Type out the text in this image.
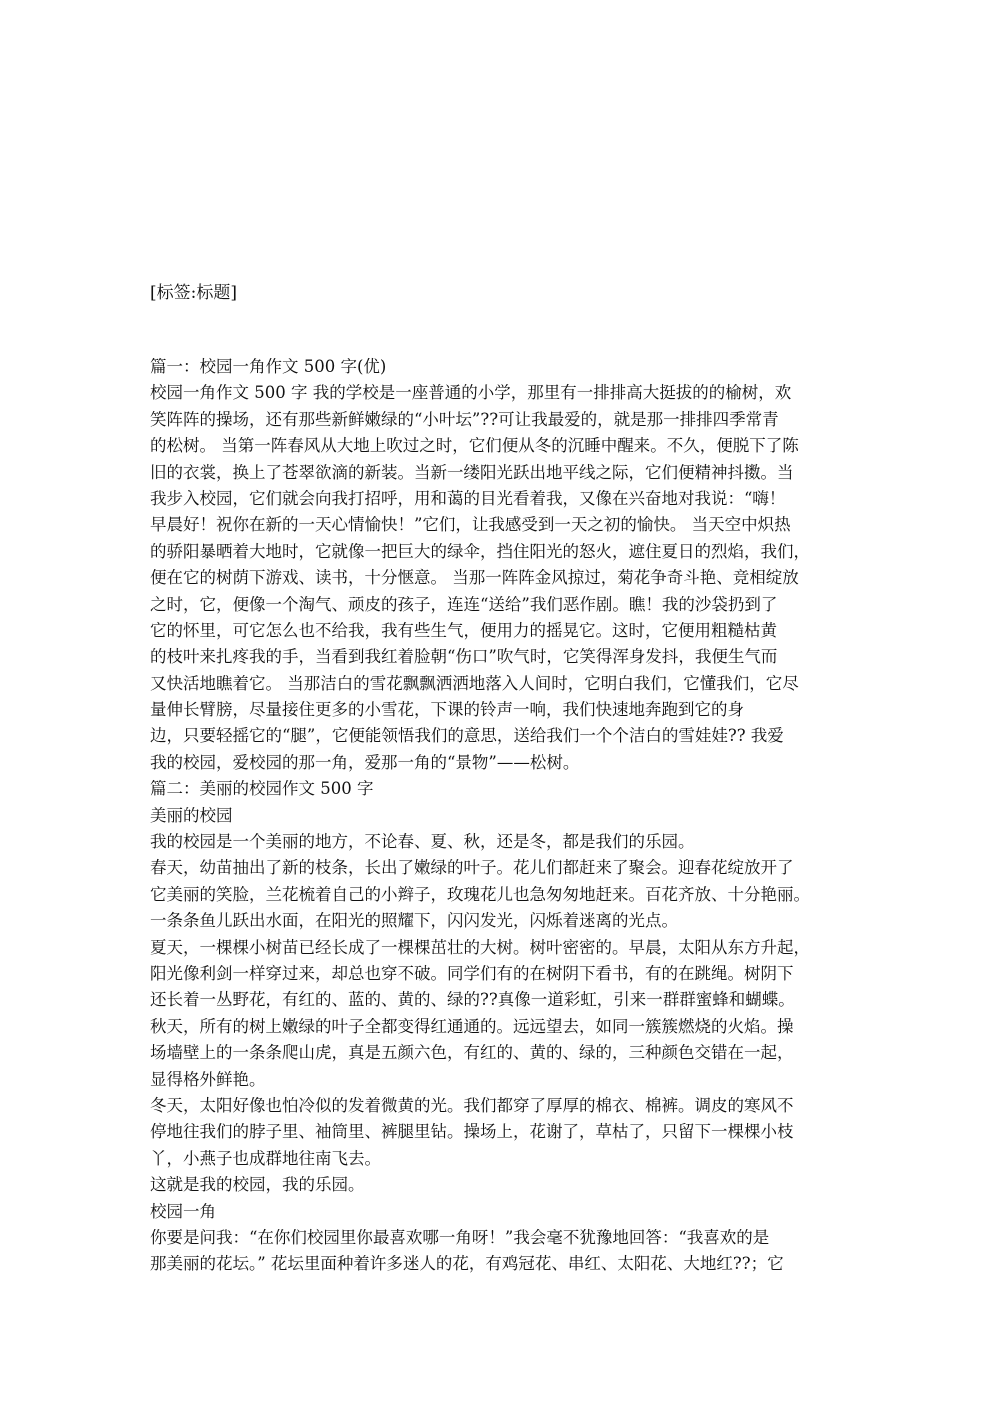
[标签:标题]
篇一：校园一角作文 500 字(优)
校园一角作文 500 字 我的学校是一座普通的小学，那里有一排排高大挺拔的的榆树，欢
笑阵阵的操场，还有那些新鲜嫩绿的“小叶坛”??可让我最爱的，就是那一排排四季常青
的松树。 当第一阵春风从大地上吹过之时，它们便从冬的沉睡中醒来。不久，便脱下了陈
旧的衣裳，换上了苍翠欲滴的新装。当新一缕阳光跃出地平线之际，它们便精神抖擞。当
我步入校园，它们就会向我打招呼，用和蔼的目光看着我，又像在兴奋地对我说：“嗨！
早晨好！祝你在新的一天心情愉快！”它们，让我感受到一天之初的愉快。 当天空中炽热
的骄阳暴晒着大地时，它就像一把巨大的绿伞，挡住阳光的怒火，遮住夏日的烈焰，我们，
便在它的树荫下游戏、读书，十分惬意。 当那一阵阵金风掠过，菊花争奇斗艳、竞相绽放
之时，它，便像一个淘气、顽皮的孩子，连连“送给”我们恶作剧。瞧！我的沙袋扔到了
它的怀里，可它怎么也不给我，我有些生气，便用力的摇晃它。这时，它便用粗糙枯黄
的枝叶来扎疼我的手，当看到我红着脸朝“伤口”吹气时，它笑得浑身发抖，我便生气而
又快活地瞧着它。 当那洁白的雪花飘飘洒洒地落入人间时，它明白我们，它懂我们，它尽
量伸长臂膀，尽量接住更多的小雪花，下课的铃声一响，我们快速地奔跑到它的身
边，只要轻摇它的“腿”，它便能领悟我们的意思，送给我们一个个洁白的雪娃娃?? 我爱
我的校园，爱校园的那一角，爱那一角的“景物”——松树。
篇二：美丽的校园作文 500 字
美丽的校园
我的校园是一个美丽的地方，不论春、夏、秋，还是冬，都是我们的乐园。
春天，幼苗抽出了新的枝条，长出了嫩绿的叶子。花儿们都赶来了聚会。迎春花绽放开了
它美丽的笑脸，兰花梳着自己的小辫子，玫瑰花儿也急匆匆地赶来。百花齐放、十分艳丽。
一条条鱼儿跃出水面，在阳光的照耀下，闪闪发光，闪烁着迷离的光点。
夏天，一棵棵小树苗已经长成了一棵棵茁壮的大树。树叶密密的。早晨，太阳从东方升起，
阳光像利剑一样穿过来，却总也穿不破。同学们有的在树阴下看书，有的在跳绳。树阴下
还长着一丛野花，有红的、蓝的、黄的、绿的??真像一道彩虹，引来一群群蜜蜂和蝴蝶。
秋天，所有的树上嫩绿的叶子全都变得红通通的。远远望去，如同一簇簇燃烧的火焰。操
场墙壁上的一条条爬山虎，真是五颜六色，有红的、黄的、绿的，三种颜色交错在一起，
显得格外鲜艳。
冬天，太阳好像也怕冷似的发着微黄的光。我们都穿了厚厚的棉衣、棉裤。调皮的寒风不
停地往我们的脖子里、袖筒里、裤腿里钻。操场上，花谢了，草枯了，只留下一棵棵小枝
丫，小燕子也成群地往南飞去。
这就是我的校园，我的乐园。
校园一角
你要是问我：“在你们校园里你最喜欢哪一角呀！”我会毫不犹豫地回答：“我喜欢的是
那美丽的花坛。” 花坛里面种着许多迷人的花，有鸡冠花、串红、太阳花、大地红??；它
